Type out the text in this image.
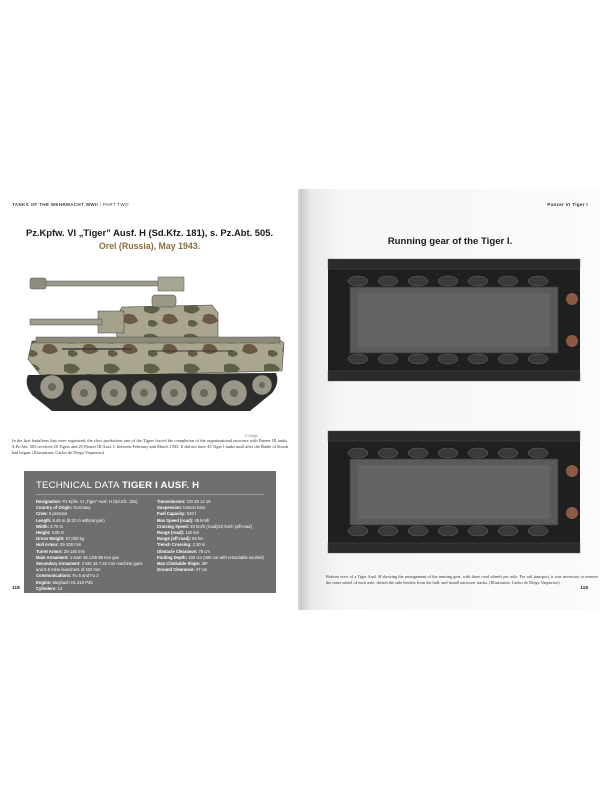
TANKS OF THE WEHRMACHT WWII / PART TWO
Pz.Kpfw. VI „Tiger” Ausf. H (Sd.Kfz. 181), s. Pz.Abt. 505.
Orel (Russia), May 1943.
© Diego
In the first battalions that were organized, the slow production rate of the Tigers forced the completion of the organizational structure with Panzer III tanks. S.Pz.Abt. 505 received 20 Tigers and 25 Panzer III Ausf. L between February and March 1943. It did not have 45 Tiger I tanks until after the Battle of Kursk had begun. (Illustration: Carlos de Diego Vaquerizo)
TECHNICAL DATA TIGER I AUSF. H
Designation: Pz.Kpfw. VI „Tiger” Ausf. H (Sd.Kfz. 181)
Country of Origin: Germany
Crew: 5 persons
Length: 6.45 m (8.32 m without gun)
Width: 3.70 m
Height: 3.00 m
Gross Weight: 57,000 kg
Hull Armor: 25-100 mm
Turret Armor: 25-145 mm
Main Armament: 1 KwK 36 L/56 88 mm gun
Secondary Armament: 2 MG 34 7.92 mm machine guns
and 5.5 mine launchers of 102 mm
Communications: Fu 5 and Fu 2
Engine: Maybach HL 210 P45
Cylinders: 12
Power: 650 HP/3,000 rpm
Transmission: OG 40 12 16
Suspension: torsion bars
Fuel Capacity: 540 l
Max Speed (road): 45 km/h
Cruising Speed: 20 km/h (road)/10 km/h (off-road)
Range (road): 120 km
Range (off-road): 60 km
Trench Crossing: 2.30 m
Obstacle Clearance: 79 cm
Fording Depth: 160 cm (400 cm with retractable snorkel)
Max Climbable Slope: 35º
Ground Clearance: 47 cm
118
Panzer VI Tiger I
Running gear of the Tiger I.
Bottom view of a Tiger Ausf. H showing the arrangement of the running gear, with three road wheels per axle. For rail transport, it was necessary to remove the outer wheel of each axle, detach the side fenders from the hull, and install narrower tracks. (Illustration: Carlos de Diego Vaquerizo)
119
